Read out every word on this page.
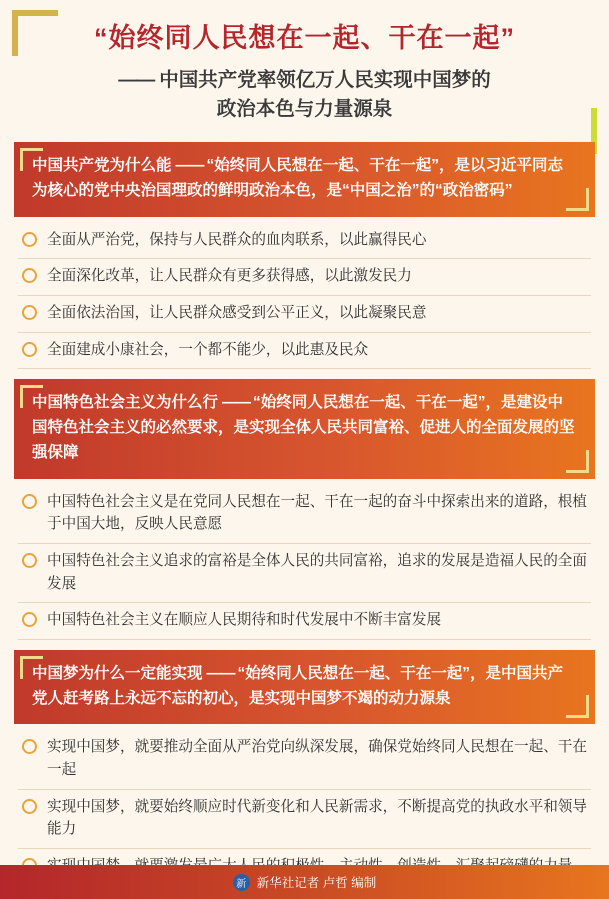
“始终同人民想在一起、干在一起”
—— 中国共产党率领亿万人民实现中国梦的
政治本色与力量源泉
中国共产党为什么能 —— “始终同人民想在一起、干在一起”，是以习近平同志为核心的党中央治国理政的鲜明政治本色，是“中国之治”的“政治密码”
全面从严治党，保持与人民群众的血肉联系，以此赢得民心
全面深化改革，让人民群众有更多获得感，以此激发民力
全面依法治国，让人民群众感受到公平正义，以此凝聚民意
全面建成小康社会，一个都不能少，以此惠及民众
中国特色社会主义为什么行 —— “始终同人民想在一起、干在一起”，是建设中国特色社会主义的必然要求，是实现全体人民共同富裕、促进人的全面发展的坚强保障
中国特色社会主义是在党同人民想在一起、干在一起的奋斗中探索出来的道路，根植于中国大地，反映人民意愿
中国特色社会主义追求的富裕是全体人民的共同富裕，追求的发展是造福人民的全面发展
中国特色社会主义在顺应人民期待和时代发展中不断丰富发展
中国梦为什么一定能实现 —— “始终同人民想在一起、干在一起”，是中国共产党人赶考路上永远不忘的初心，是实现中国梦不竭的动力源泉
实现中国梦，就要推动全面从严治党向纵深发展，确保党始终同人民想在一起、干在一起
实现中国梦，就要始终顺应时代新变化和人民新需求，不断提高党的执政水平和领导能力
新 新华社记者 卢哲 编制
